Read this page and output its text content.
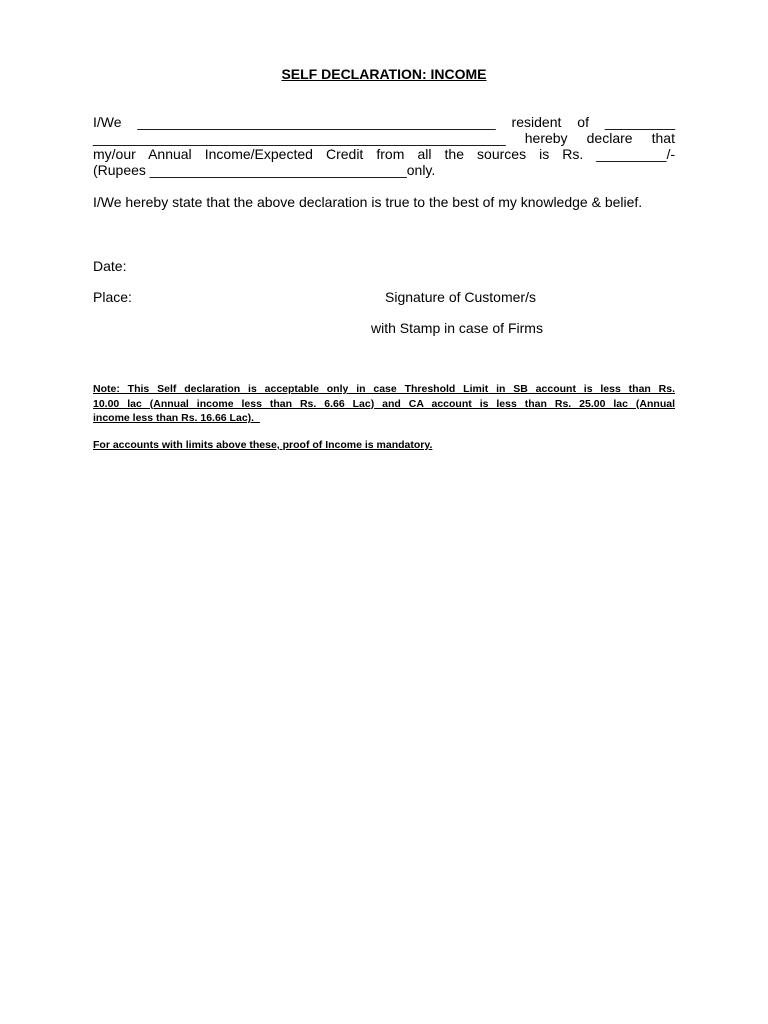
SELF DECLARATION: INCOME
I/We ______________________________________________ resident of _________
_____________________________________________________ hereby declare that
my/our Annual Income/Expected Credit from all the sources is Rs. _________/-
(Rupees _________________________________only.
I/We hereby state that the above declaration is true to the best of my knowledge & belief.
Date:
Place:	Signature of Customer/s
with Stamp in case of Firms
Note: This Self declaration is acceptable only in case Threshold Limit in SB account is less than Rs.
10.00 lac (Annual income less than Rs. 6.66 Lac) and CA account is less than Rs. 25.00 lac (Annual
income less than Rs. 16.66 Lac).
For accounts with limits above these, proof of Income is mandatory.
